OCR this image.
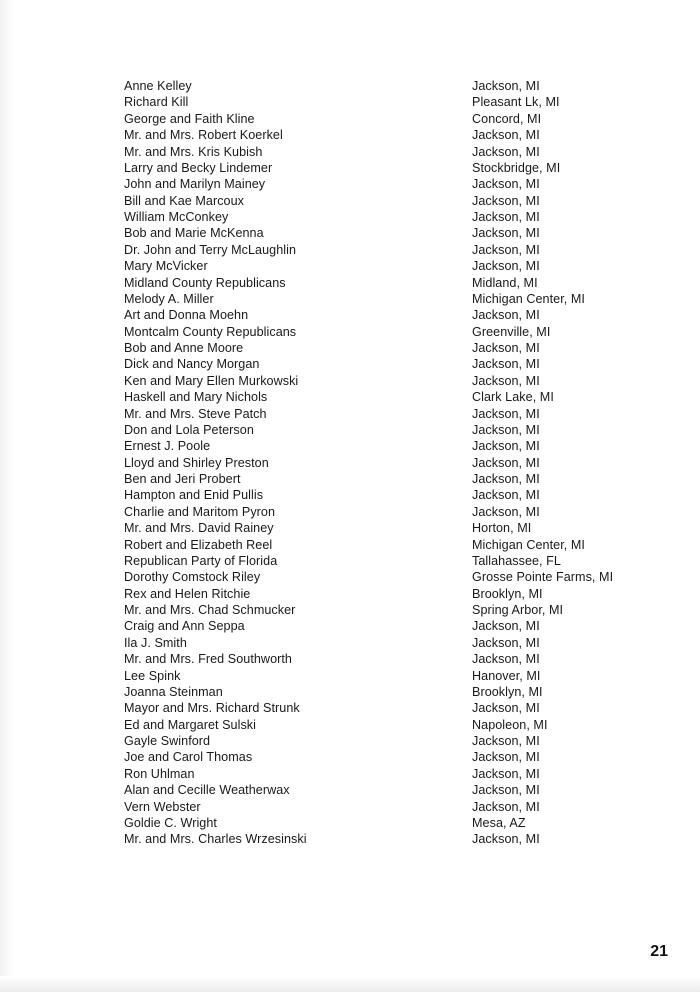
Anne Kelley	Jackson, MI
Richard Kill	Pleasant Lk, MI
George and Faith Kline	Concord, MI
Mr. and Mrs. Robert Koerkel	Jackson, MI
Mr. and Mrs. Kris Kubish	Jackson, MI
Larry and Becky Lindemer	Stockbridge, MI
John and Marilyn Mainey	Jackson, MI
Bill and Kae Marcoux	Jackson, MI
William McConkey	Jackson, MI
Bob and Marie McKenna	Jackson, MI
Dr. John and Terry McLaughlin	Jackson, MI
Mary McVicker	Jackson, MI
Midland County Republicans	Midland, MI
Melody A. Miller	Michigan Center, MI
Art and Donna Moehn	Jackson, MI
Montcalm County Republicans	Greenville, MI
Bob and Anne Moore	Jackson, MI
Dick and Nancy Morgan	Jackson, MI
Ken and Mary Ellen Murkowski	Jackson, MI
Haskell and Mary Nichols	Clark Lake, MI
Mr. and Mrs. Steve Patch	Jackson, MI
Don and Lola Peterson	Jackson, MI
Ernest J. Poole	Jackson, MI
Lloyd and Shirley Preston	Jackson, MI
Ben and Jeri Probert	Jackson, MI
Hampton and Enid Pullis	Jackson, MI
Charlie and Maritom Pyron	Jackson, MI
Mr. and Mrs. David Rainey	Horton, MI
Robert and Elizabeth Reel	Michigan Center, MI
Republican Party of Florida	Tallahassee, FL
Dorothy Comstock Riley	Grosse Pointe Farms, MI
Rex and Helen Ritchie	Brooklyn, MI
Mr. and Mrs. Chad Schmucker	Spring Arbor, MI
Craig and Ann Seppa	Jackson, MI
Ila J. Smith	Jackson, MI
Mr. and Mrs. Fred Southworth	Jackson, MI
Lee Spink	Hanover, MI
Joanna Steinman	Brooklyn, MI
Mayor and Mrs. Richard Strunk	Jackson, MI
Ed and Margaret Sulski	Napoleon, MI
Gayle Swinford	Jackson, MI
Joe and Carol Thomas	Jackson, MI
Ron Uhlman	Jackson, MI
Alan and Cecille Weatherwax	Jackson, MI
Vern Webster	Jackson, MI
Goldie C. Wright	Mesa, AZ
Mr. and Mrs. Charles Wrzesinski	Jackson, MI
21
